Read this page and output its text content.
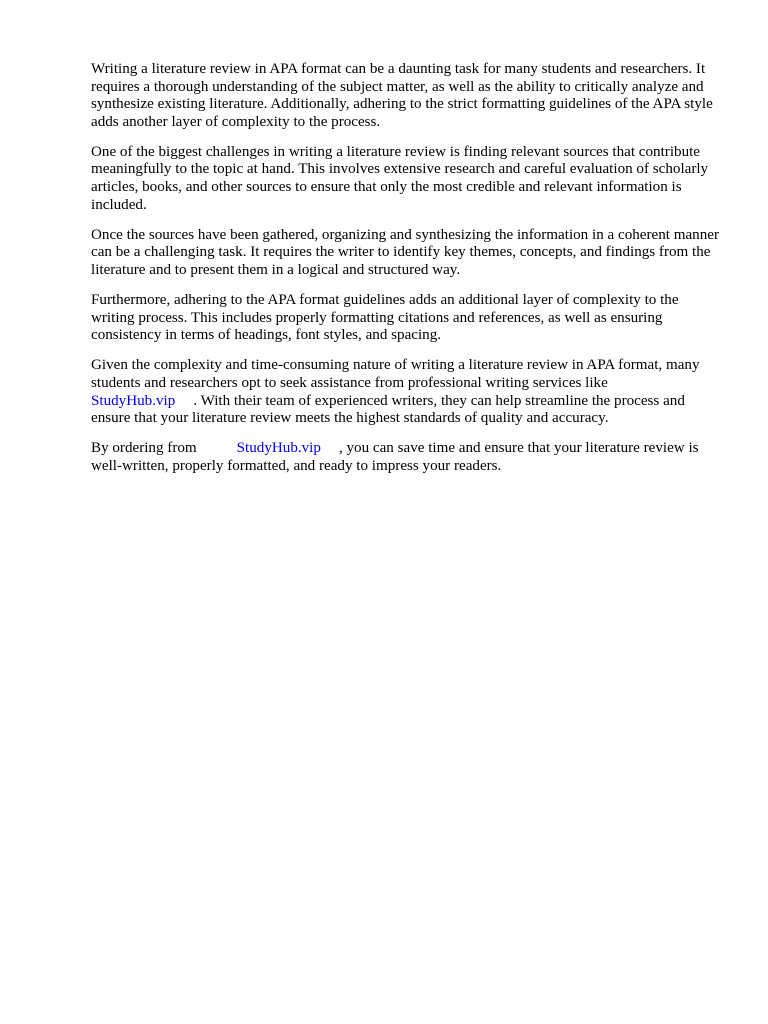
Writing a literature review in APA format can be a daunting task for many students and researchers. It requires a thorough understanding of the subject matter, as well as the ability to critically analyze and synthesize existing literature. Additionally, adhering to the strict formatting guidelines of the APA style adds another layer of complexity to the process.

One of the biggest challenges in writing a literature review is finding relevant sources that contribute meaningfully to the topic at hand. This involves extensive research and careful evaluation of scholarly articles, books, and other sources to ensure that only the most credible and relevant information is included.

Once the sources have been gathered, organizing and synthesizing the information in a coherent manner can be a challenging task. It requires the writer to identify key themes, concepts, and findings from the literature and to present them in a logical and structured way.

Furthermore, adhering to the APA format guidelines adds an additional layer of complexity to the writing process. This includes properly formatting citations and references, as well as ensuring consistency in terms of headings, font styles, and spacing.

Given the complexity and time-consuming nature of writing a literature review in APA format, many students and researchers opt to seek assistance from professional writing services like
StudyHub.vip . With their team of experienced writers, they can help streamline the process and ensure that your literature review meets the highest standards of quality and accuracy.

By ordering from	StudyHub.vip , you can save time and ensure that your literature review is well-written, properly formatted, and ready to impress your readers.
